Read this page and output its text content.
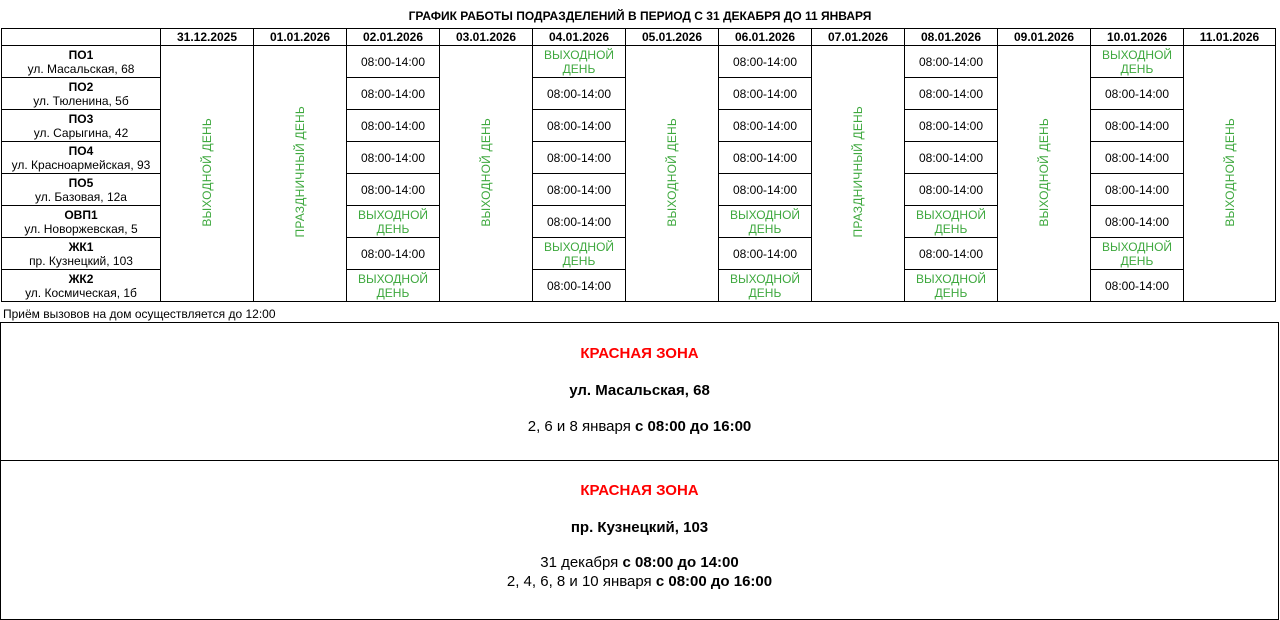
ГРАФИК РАБОТЫ ПОДРАЗДЕЛЕНИЙ В ПЕРИОД С 31 ДЕКАБРЯ ДО 11 ЯНВАРЯ
	31.12.2025	01.01.2026	02.01.2026	03.01.2026	04.01.2026	05.01.2026	06.01.2026	07.01.2026	08.01.2026	09.01.2026	10.01.2026	11.01.2026

ПО1
ул. Масальская, 68	ВЫХОДНОЙ ДЕНЬ	ПРАЗДНИЧНЫЙ ДЕНЬ	08:00-14:00	ВЫХОДНОЙ ДЕНЬ	ВЫХОДНОЙ ДЕНЬ	ВЫХОДНОЙ ДЕНЬ	08:00-14:00	ПРАЗДНИЧНЫЙ ДЕНЬ	08:00-14:00	ВЫХОДНОЙ ДЕНЬ	ВЫХОДНОЙ ДЕНЬ	ВЫХОДНОЙ ДЕНЬ

ПО2
ул. Тюленина, 5б			08:00-14:00		08:00-14:00		08:00-14:00		08:00-14:00		08:00-14:00	

ПО3
ул. Сарыгина, 42			08:00-14:00		08:00-14:00		08:00-14:00		08:00-14:00		08:00-14:00	

ПО4
ул. Красноармейская, 93			08:00-14:00		08:00-14:00		08:00-14:00		08:00-14:00		08:00-14:00	

ПО5
ул. Базовая, 12а			08:00-14:00		08:00-14:00		08:00-14:00		08:00-14:00		08:00-14:00	

ОВП1
ул. Новоржевская, 5			ВЫХОДНОЙ ДЕНЬ		08:00-14:00		ВЫХОДНОЙ ДЕНЬ		ВЫХОДНОЙ ДЕНЬ		08:00-14:00	

ЖК1
пр. Кузнецкий, 103			08:00-14:00		ВЫХОДНОЙ ДЕНЬ		08:00-14:00		08:00-14:00		ВЫХОДНОЙ ДЕНЬ	

ЖК2
ул. Космическая, 1б			ВЫХОДНОЙ ДЕНЬ		08:00-14:00		ВЫХОДНОЙ ДЕНЬ		ВЫХОДНОЙ ДЕНЬ		08:00-14:00	
Приём вызовов на дом осуществляется до 12:00
КРАСНАЯ ЗОНА
ул. Масальская, 68
2, 6 и 8 января с 08:00 до 16:00
КРАСНАЯ ЗОНА
пр. Кузнецкий, 103
31 декабря с 08:00 до 14:00
2, 4, 6, 8 и 10 января с 08:00 до 16:00
